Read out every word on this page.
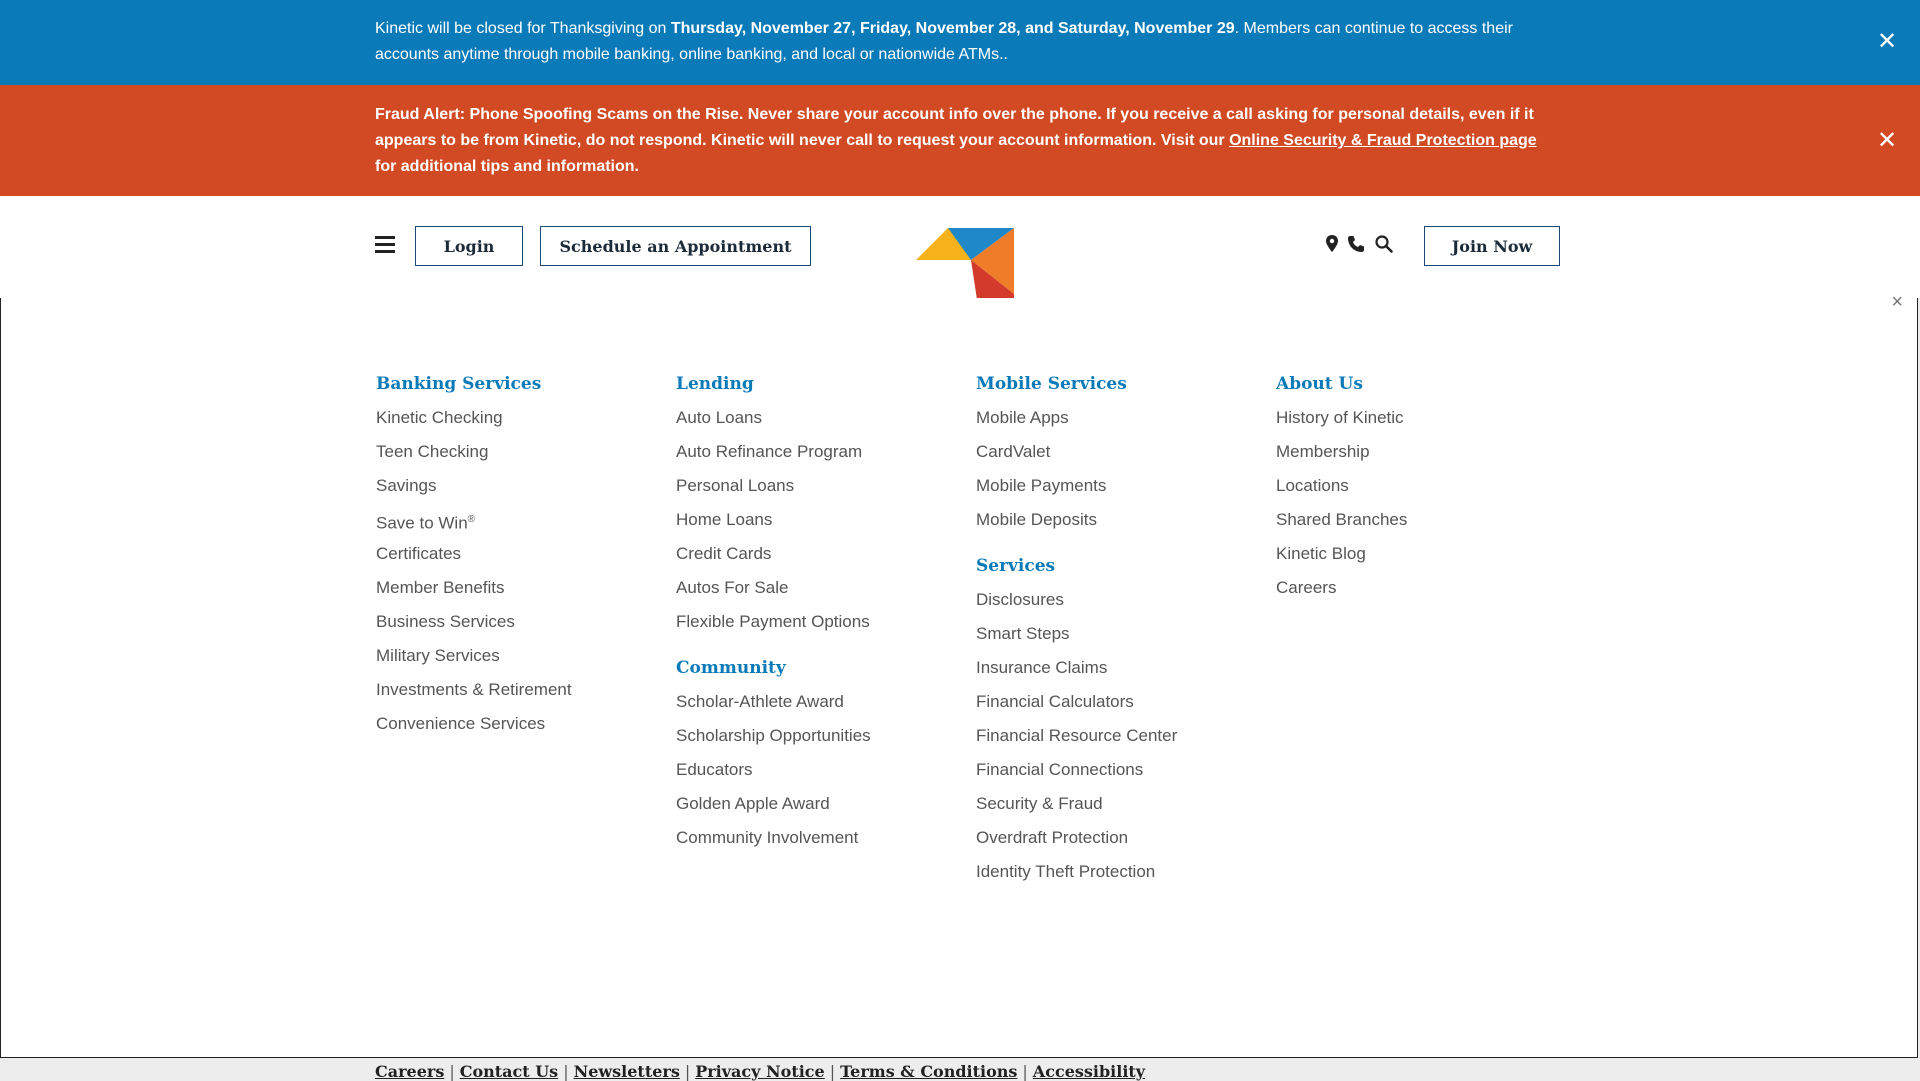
Kinetic will be closed for Thanksgiving on Thursday, November 27, Friday, November 28, and Saturday, November 29. Members can continue to access their accounts anytime through mobile banking, online banking, and local or nationwide ATMs..	✕
Fraud Alert: Phone Spoofing Scams on the Rise. Never share your account info over the phone. If you receive a call asking for personal details, even if it appears to be from Kinetic, do not respond. Kinetic will never call to request your account information. Visit our Online Security & Fraud Protection page for additional tips and information.
✕
Login	Schedule an Appointment	Join Now
×
Banking Services
Kinetic Checking
Teen Checking
Savings
Save to Win®
Certificates
Member Benefits
Business Services
Military Services
Investments & Retirement
Convenience Services
Lending
Auto Loans
Auto Refinance Program
Personal Loans
Home Loans
Credit Cards
Autos For Sale
Flexible Payment Options
Community
Scholar-Athlete Award
Scholarship Opportunities
Educators
Golden Apple Award
Community Involvement
Mobile Services
Mobile Apps
CardValet
Mobile Payments
Mobile Deposits
Services
Disclosures
Smart Steps
Insurance Claims
Financial Calculators
Financial Resource Center
Financial Connections
Security & Fraud
Overdraft Protection
Identity Theft Protection
About Us
History of Kinetic
Membership
Locations
Shared Branches
Kinetic Blog
Careers
Careers | Contact Us | Newsletters | Privacy Notice | Terms & Conditions | Accessibility
